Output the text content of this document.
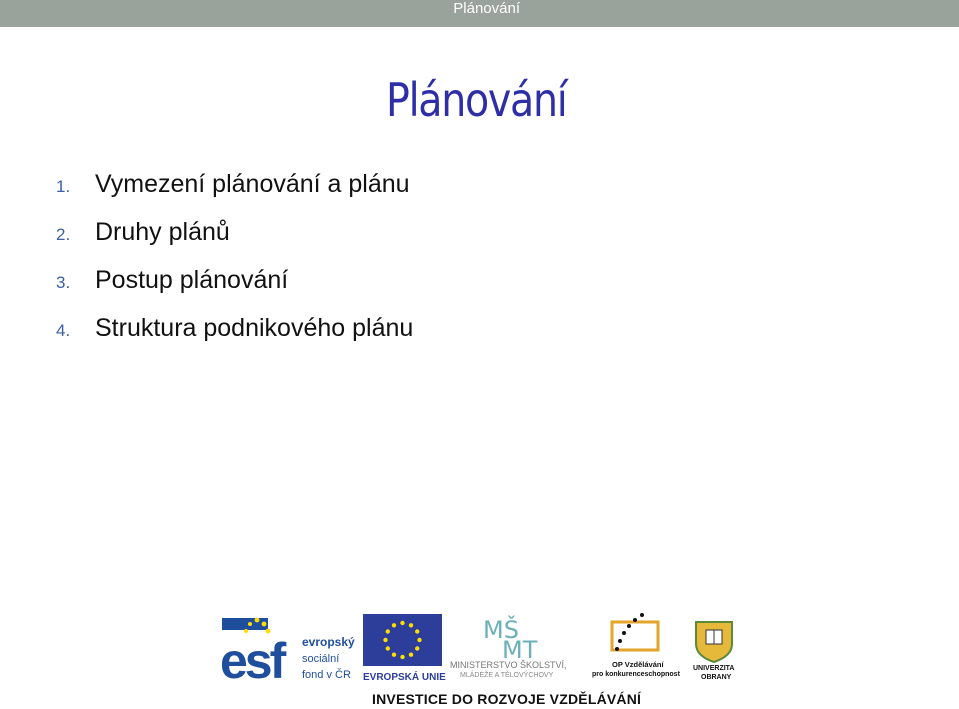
Plánování
Plánování
1. Vymezení plánování a plánu
2. Druhy plánů
3. Postup plánování
4. Struktura podnikového plánu
esf evropský
sociální
fond v ČR EVROPSKÁ UNIE
MŠ
MT
MINISTERSTVO ŠKOLSTVÍ,
MLÁDEŽE A TĚLOVÝCHOVY
OP Vzdělávání
pro konkurenceschopnost
UNIVERZITA
OBRANY
INVESTICE DO ROZVOJE VZDĚLÁVÁNÍ
